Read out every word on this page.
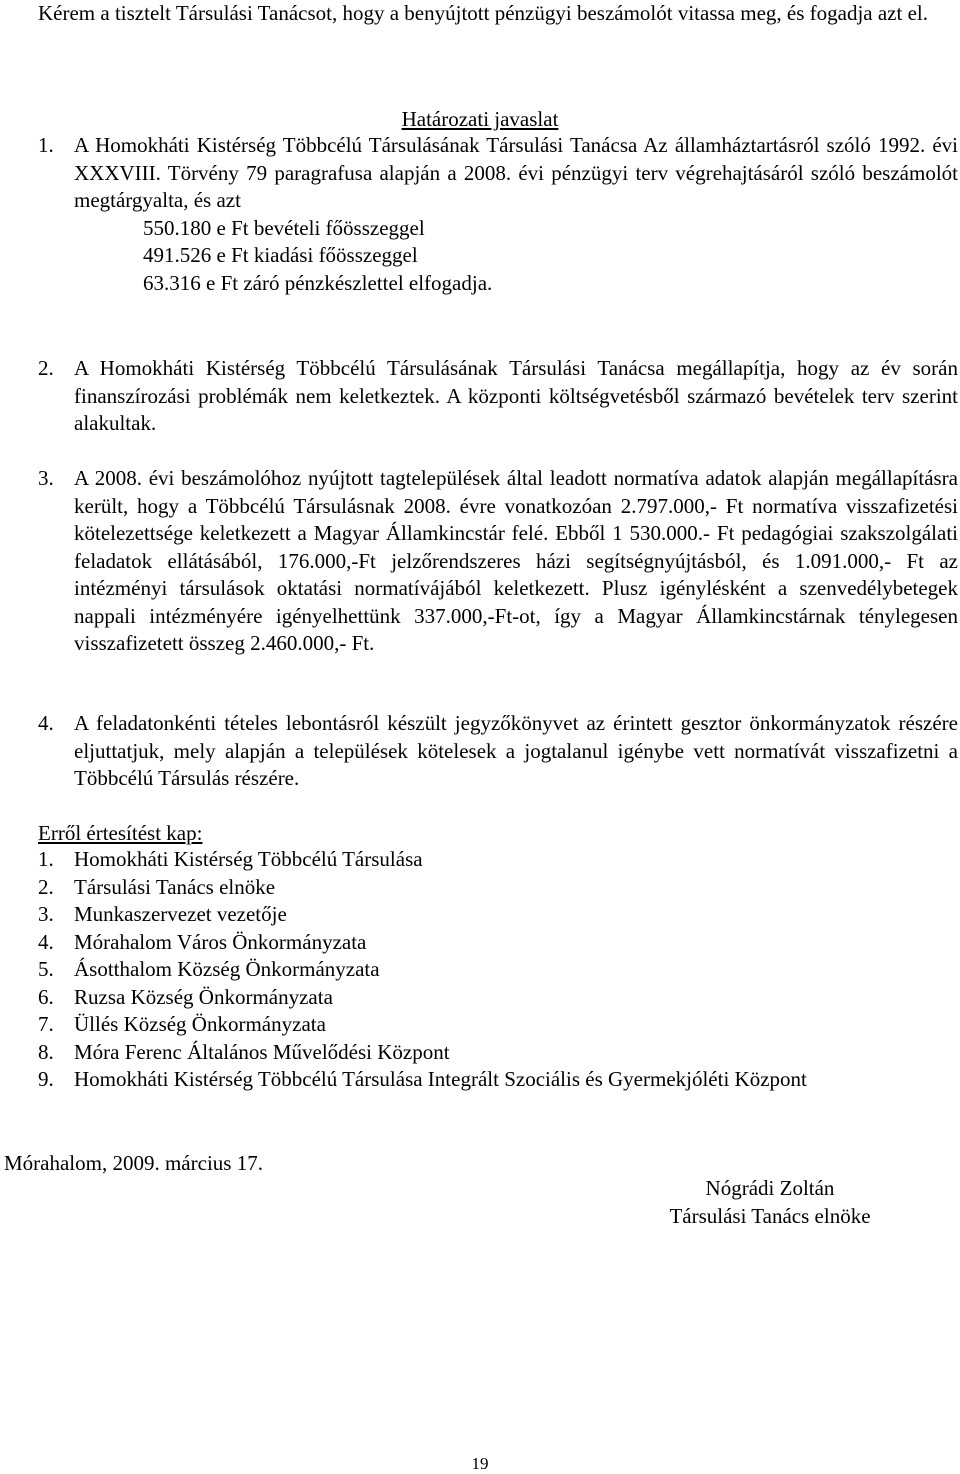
Kérem a tisztelt Társulási Tanácsot, hogy a benyújtott pénzügyi beszámolót vitassa meg, és fogadja azt el.
Határozati javaslat
1. A Homokháti Kistérség Többcélú Társulásának Társulási Tanácsa Az államháztartásról szóló 1992. évi XXXVIII. Törvény 79 paragrafusa alapján a 2008. évi pénzügyi terv végrehajtásáról szóló beszámolót megtárgyalta, és azt
550.180 e Ft bevételi főösszeggel
491.526 e Ft kiadási főösszeggel
63.316 e Ft záró pénzkészlettel elfogadja.
2. A Homokháti Kistérség Többcélú Társulásának Társulási Tanácsa megállapítja, hogy az év során finanszírozási problémák nem keletkeztek. A központi költségvetésből származó bevételek terv szerint alakultak.
3. A 2008. évi beszámolóhoz nyújtott tagtelepülések által leadott normatíva adatok alapján megállapításra került, hogy a Többcélú Társulásnak 2008. évre vonatkozóan 2.797.000,- Ft normatíva visszafizetési kötelezettsége keletkezett a Magyar Államkincstár felé. Ebből 1 530.000.- Ft pedagógiai szakszolgálati feladatok ellátásából, 176.000,-Ft jelzőrendszeres házi segítségnyújtásból, és 1.091.000,- Ft az intézményi társulások oktatási normatívájából keletkezett. Plusz igénylésként a szenvedélybetegek nappali intézményére igényelhettünk 337.000,-Ft-ot, így a Magyar Államkincstárnak ténylegesen visszafizetett összeg 2.460.000,- Ft.
4. A feladatonkénti tételes lebontásról készült jegyzőkönyvet az érintett gesztor önkormányzatok részére eljuttatjuk, mely alapján a települések kötelesek a jogtalanul igénybe vett normatívát visszafizetni a Többcélú Társulás részére.
Erről értesítést kap:
1. Homokháti Kistérség Többcélú Társulása
2. Társulási Tanács elnöke
3. Munkaszervezet vezetője
4. Mórahalom Város Önkormányzata
5. Ásotthalom Község Önkormányzata
6. Ruzsa Község Önkormányzata
7. Üllés Község Önkormányzata
8. Móra Ferenc Általános Művelődési Központ
9. Homokháti Kistérség Többcélú Társulása Integrált Szociális és Gyermekjóléti Központ
Mórahalom, 2009. március 17.
Nógrádi Zoltán
Társulási Tanács elnöke
19
